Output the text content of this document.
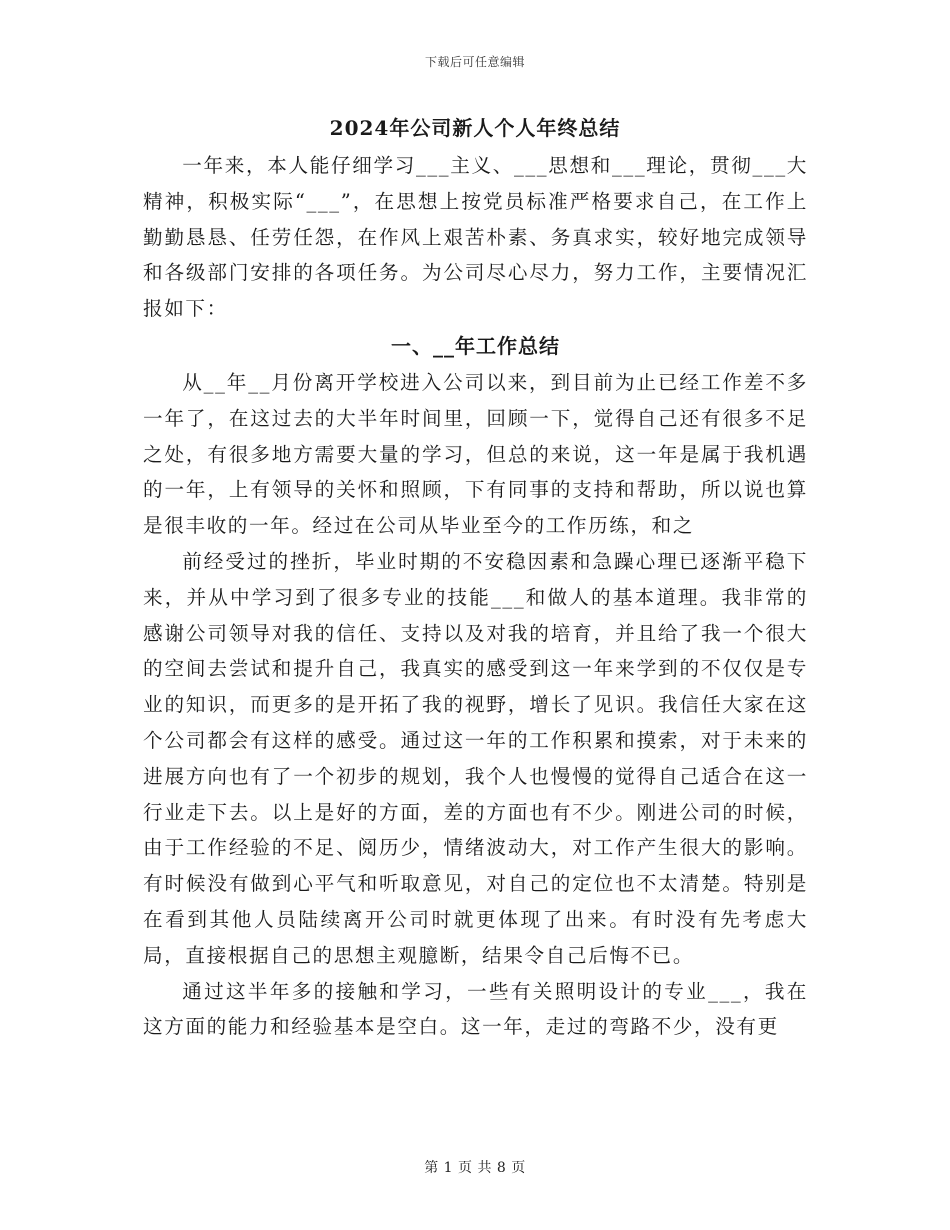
下载后可任意编辑
2024年公司新人个人年终总结

一年来，本人能仔细学习___主义、___思想和___理论，贯彻___大精神，积极实际“___”，在思想上按党员标准严格要求自己，在工作上勤勤恳恳、任劳任怨，在作风上艰苦朴素、务真求实，较好地完成领导和各级部门安排的各项任务。为公司尽心尽力，努力工作，主要情况汇报如下：

一、__年工作总结

从__年__月份离开学校进入公司以来，到目前为止已经工作差不多一年了，在这过去的大半年时间里，回顾一下，觉得自己还有很多不足之处，有很多地方需要大量的学习，但总的来说，这一年是属于我机遇的一年，上有领导的关怀和照顾，下有同事的支持和帮助，所以说也算是很丰收的一年。经过在公司从毕业至今的工作历练，和之

前经受过的挫折，毕业时期的不安稳因素和急躁心理已逐渐平稳下来，并从中学习到了很多专业的技能___和做人的基本道理。我非常的感谢公司领导对我的信任、支持以及对我的培育，并且给了我一个很大的空间去尝试和提升自己，我真实的感受到这一年来学到的不仅仅是专业的知识，而更多的是开拓了我的视野，增长了见识。我信任大家在这个公司都会有这样的感受。通过这一年的工作积累和摸索，对于未来的进展方向也有了一个初步的规划，我个人也慢慢的觉得自己适合在这一行业走下去。以上是好的方面，差的方面也有不少。刚进公司的时候，由于工作经验的不足、阅历少，情绪波动大，对工作产生很大的影响。有时候没有做到心平气和听取意见，对自己的定位也不太清楚。特别是在看到其他人员陆续离开公司时就更体现了出来。有时没有先考虑大局，直接根据自己的思想主观臆断，结果令自己后悔不已。

通过这半年多的接触和学习，一些有关照明设计的专业___，我在这方面的能力和经验基本是空白。这一年，走过的弯路不少，没有更

第 1 页 共 8 页
